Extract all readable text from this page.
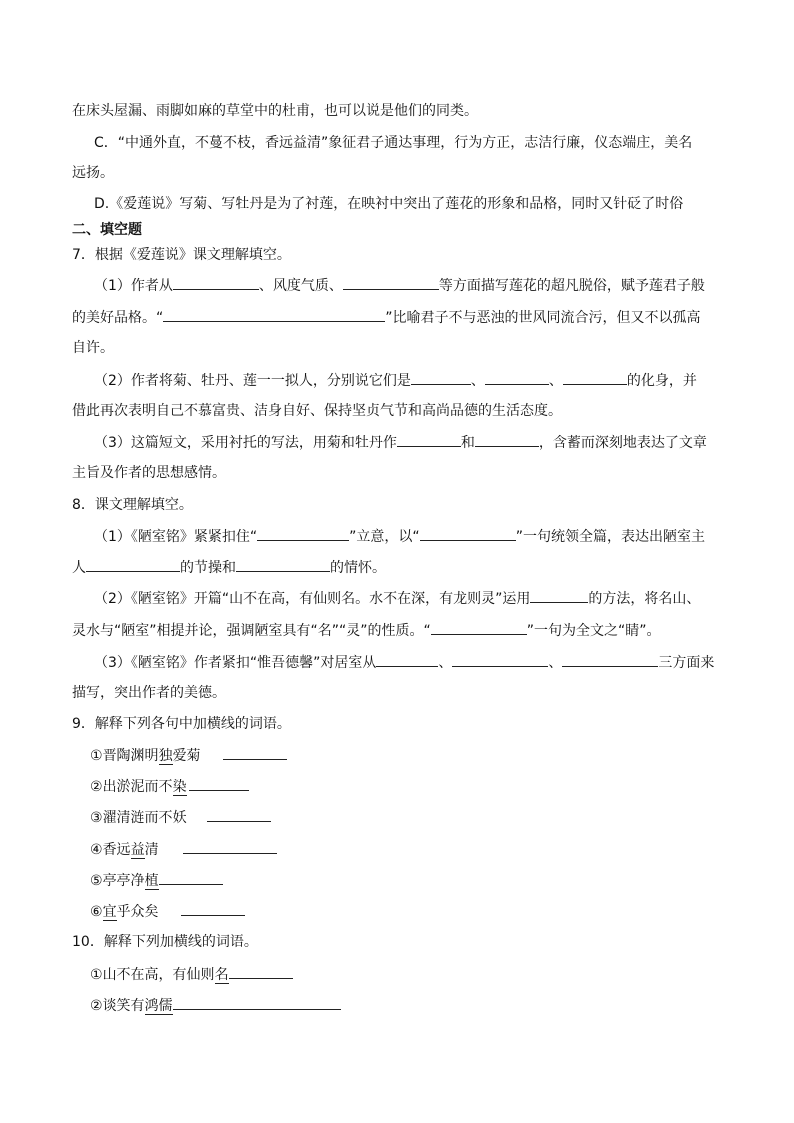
在床头屋漏、雨脚如麻的草堂中的杜甫，也可以说是他们的同类。
C．“中通外直，不蔓不枝，香远益清”象征君子通达事理，行为方正，志洁行廉，仪态端庄，美名
远扬。
D.《爱莲说》写菊、写牡丹是为了衬莲，在映衬中突出了莲花的形象和品格，同时又针砭了时俗
二、填空题
7．根据《爱莲说》课文理解填空。
（1）作者从	、风度气质、	等方面描写莲花的超凡脱俗，赋予莲君子般
的美好品格。“	”比喻君子不与恶浊的世风同流合污，但又不以孤高
自许。
（2）作者将菊、牡丹、莲一一拟人，分别说它们是	、	、	的化身，并
借此再次表明自己不慕富贵、洁身自好、保持坚贞气节和高尚品德的生活态度。
（3）这篇短文，采用衬托的写法，用菊和牡丹作	和	，含蓄而深刻地表达了文章
主旨及作者的思想感情。
8．课文理解填空。
（1）《陋室铭》紧紧扣住“	”立意，以“	”一句统领全篇，表达出陋室主
人	的节操和	的情怀。
（2）《陋室铭》开篇“山不在高，有仙则名。水不在深，有龙则灵”运用	的方法，将名山、
灵水与“陋室”相提并论，强调陋室具有“名”“灵”的性质。“	”一句为全文之“睛”。
（3）《陋室铭》作者紧扣“惟吾德馨”对居室从	、	、	三方面来
描写，突出作者的美德。
9．解释下列各句中加横线的词语。
①晋陶渊明独爱菊
②出淤泥而不染
③濯清涟而不妖
④香远益清
⑤亭亭净植
⑥宜乎众矣
10．解释下列加横线的词语。
①山不在高，有仙则名
②谈笑有鸿儒
